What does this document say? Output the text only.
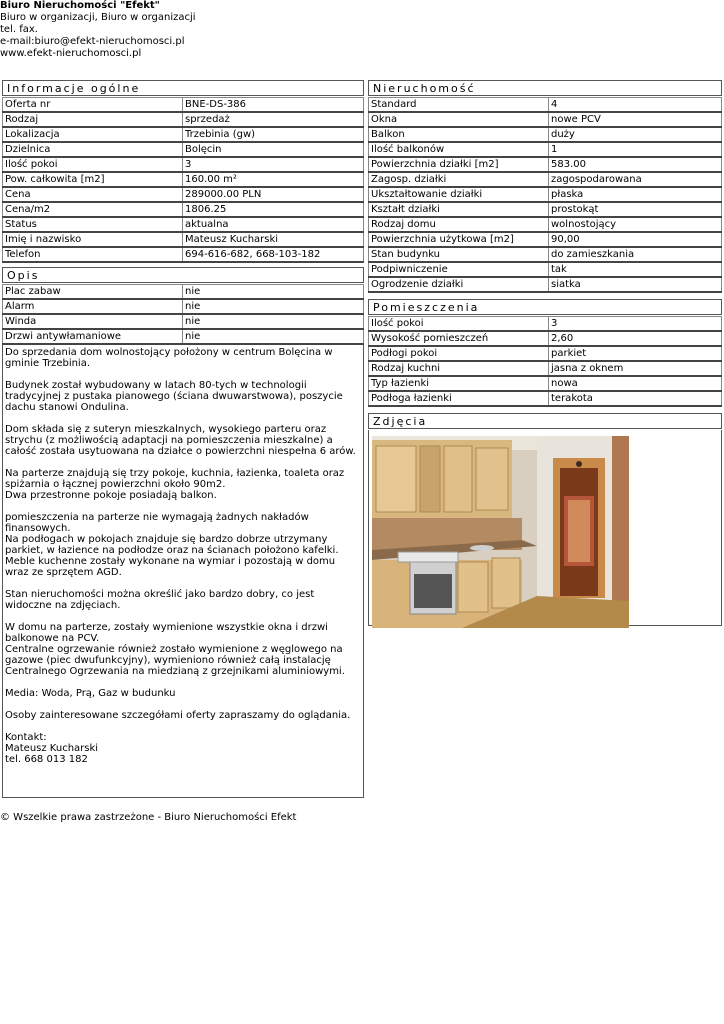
Biuro Nieruchomości "Efekt"
Biuro w organizacji, Biuro w organizacji
tel. fax.
e-mail:biuro@efekt-nieruchomosci.pl
www.efekt-nieruchomosci.pl
Informacje ogólne
Oferta nr	BNE-DS-386
Rodzaj	sprzedaż
Lokalizacja	Trzebinia (gw)
Dzielnica	Bolęcin
Ilość pokoi	3
Pow. całkowita [m2]	160.00 m²
Cena	289000.00 PLN
Cena/m2	1806.25
Status	aktualna
Imię i nazwisko	Mateusz Kucharski
Telefon	694-616-682, 668-103-182
Opis
Plac zabaw	nie
Alarm	nie
Winda	nie
Drzwi antywłamaniowe	nie

Do sprzedania dom wolnostojący położony w centrum Bolęcina w gminie Trzebinia.

Budynek został wybudowany w latach 80-tych w technologii tradycyjnej z pustaka pianowego (ściana dwuwarstwowa), poszycie dachu stanowi Ondulina.

Dom składa się z suteryn mieszkalnych, wysokiego parteru oraz strychu (z możliwością adaptacji na pomieszczenia mieszkalne) a całość została usytuowana na działce o powierzchni niespełna 6 arów.

Na parterze znajdują się trzy pokoje, kuchnia, łazienka, toaleta oraz spiżarnia o łącznej powierzchni około 90m2.
Dwa przestronne pokoje posiadają balkon.

pomieszczenia na parterze nie wymagają żadnych nakładów finansowych.
Na podłogach w pokojach znajduje się bardzo dobrze utrzymany parkiet, w łazience na podłodze oraz na ścianach położono kafelki. Meble kuchenne zostały wykonane na wymiar i pozostają w domu wraz ze sprzętem AGD.

Stan nieruchomości można określić jako bardzo dobry, co jest widoczne na zdjęciach.

W domu na parterze, zostały wymienione wszystkie okna i drzwi balkonowe na PCV.
Centralne ogrzewanie również zostało wymienione z węglowego na gazowe (piec dwufunkcyjny), wymieniono również całą instalację Centralnego Ogrzewania na miedzianą z grzejnikami aluminiowymi.

Media: Woda, Prą, Gaz w budunku

Osoby zainteresowane szczegółami oferty zapraszamy do oglądania.

Kontakt:
Mateusz Kucharski
tel. 668 013 182

Nieruchomość
Standard	4
Okna	nowe PCV
Balkon	duży
Ilość balkonów	1
Powierzchnia działki [m2]	583.00
Zagosp. działki	zagospodarowana
Ukształtowanie działki	płaska
Kształt działki	prostokąt
Rodzaj domu	wolnostojący
Powierzchnia użytkowa [m2]	90,00
Stan budynku	do zamieszkania
Podpiwniczenie	tak
Ogrodzenie działki	siatka
Pomieszczenia
Ilość pokoi	3
Wysokość pomieszczeń	2,60
Podłogi pokoi	parkiet
Rodzaj kuchni	jasna z oknem
Typ łazienki	nowa
Podłoga łazienki	terakota
Zdjęcia
© Wszelkie prawa zastrzeżone - Biuro Nieruchomości Efekt
